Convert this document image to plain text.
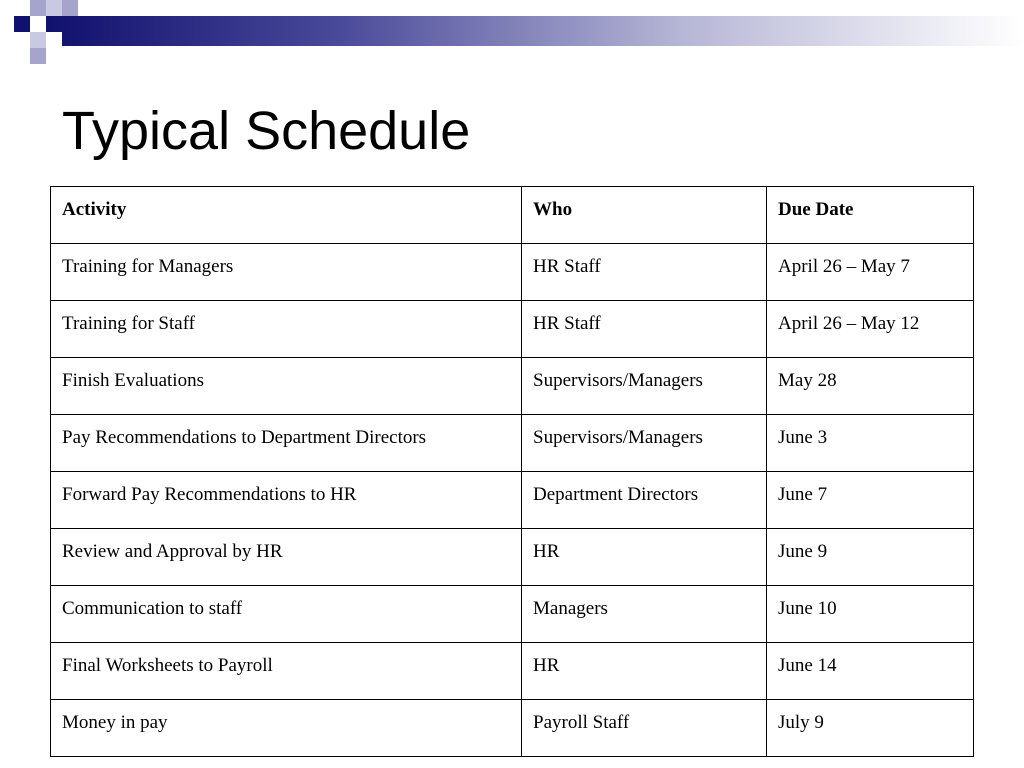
Typical Schedule
Activity	Who	Due Date
Training for Managers	HR Staff	April 26 – May 7
Training for Staff	HR Staff	April 26 – May 12
Finish Evaluations	Supervisors/Managers	May 28
Pay Recommendations to Department Directors	Supervisors/Managers	June 3
Forward Pay Recommendations to HR	Department Directors	June 7
Review and Approval by HR	HR	June 9
Communication to staff	Managers	June 10
Final Worksheets to Payroll	HR	June 14
Money in pay	Payroll Staff	July 9
